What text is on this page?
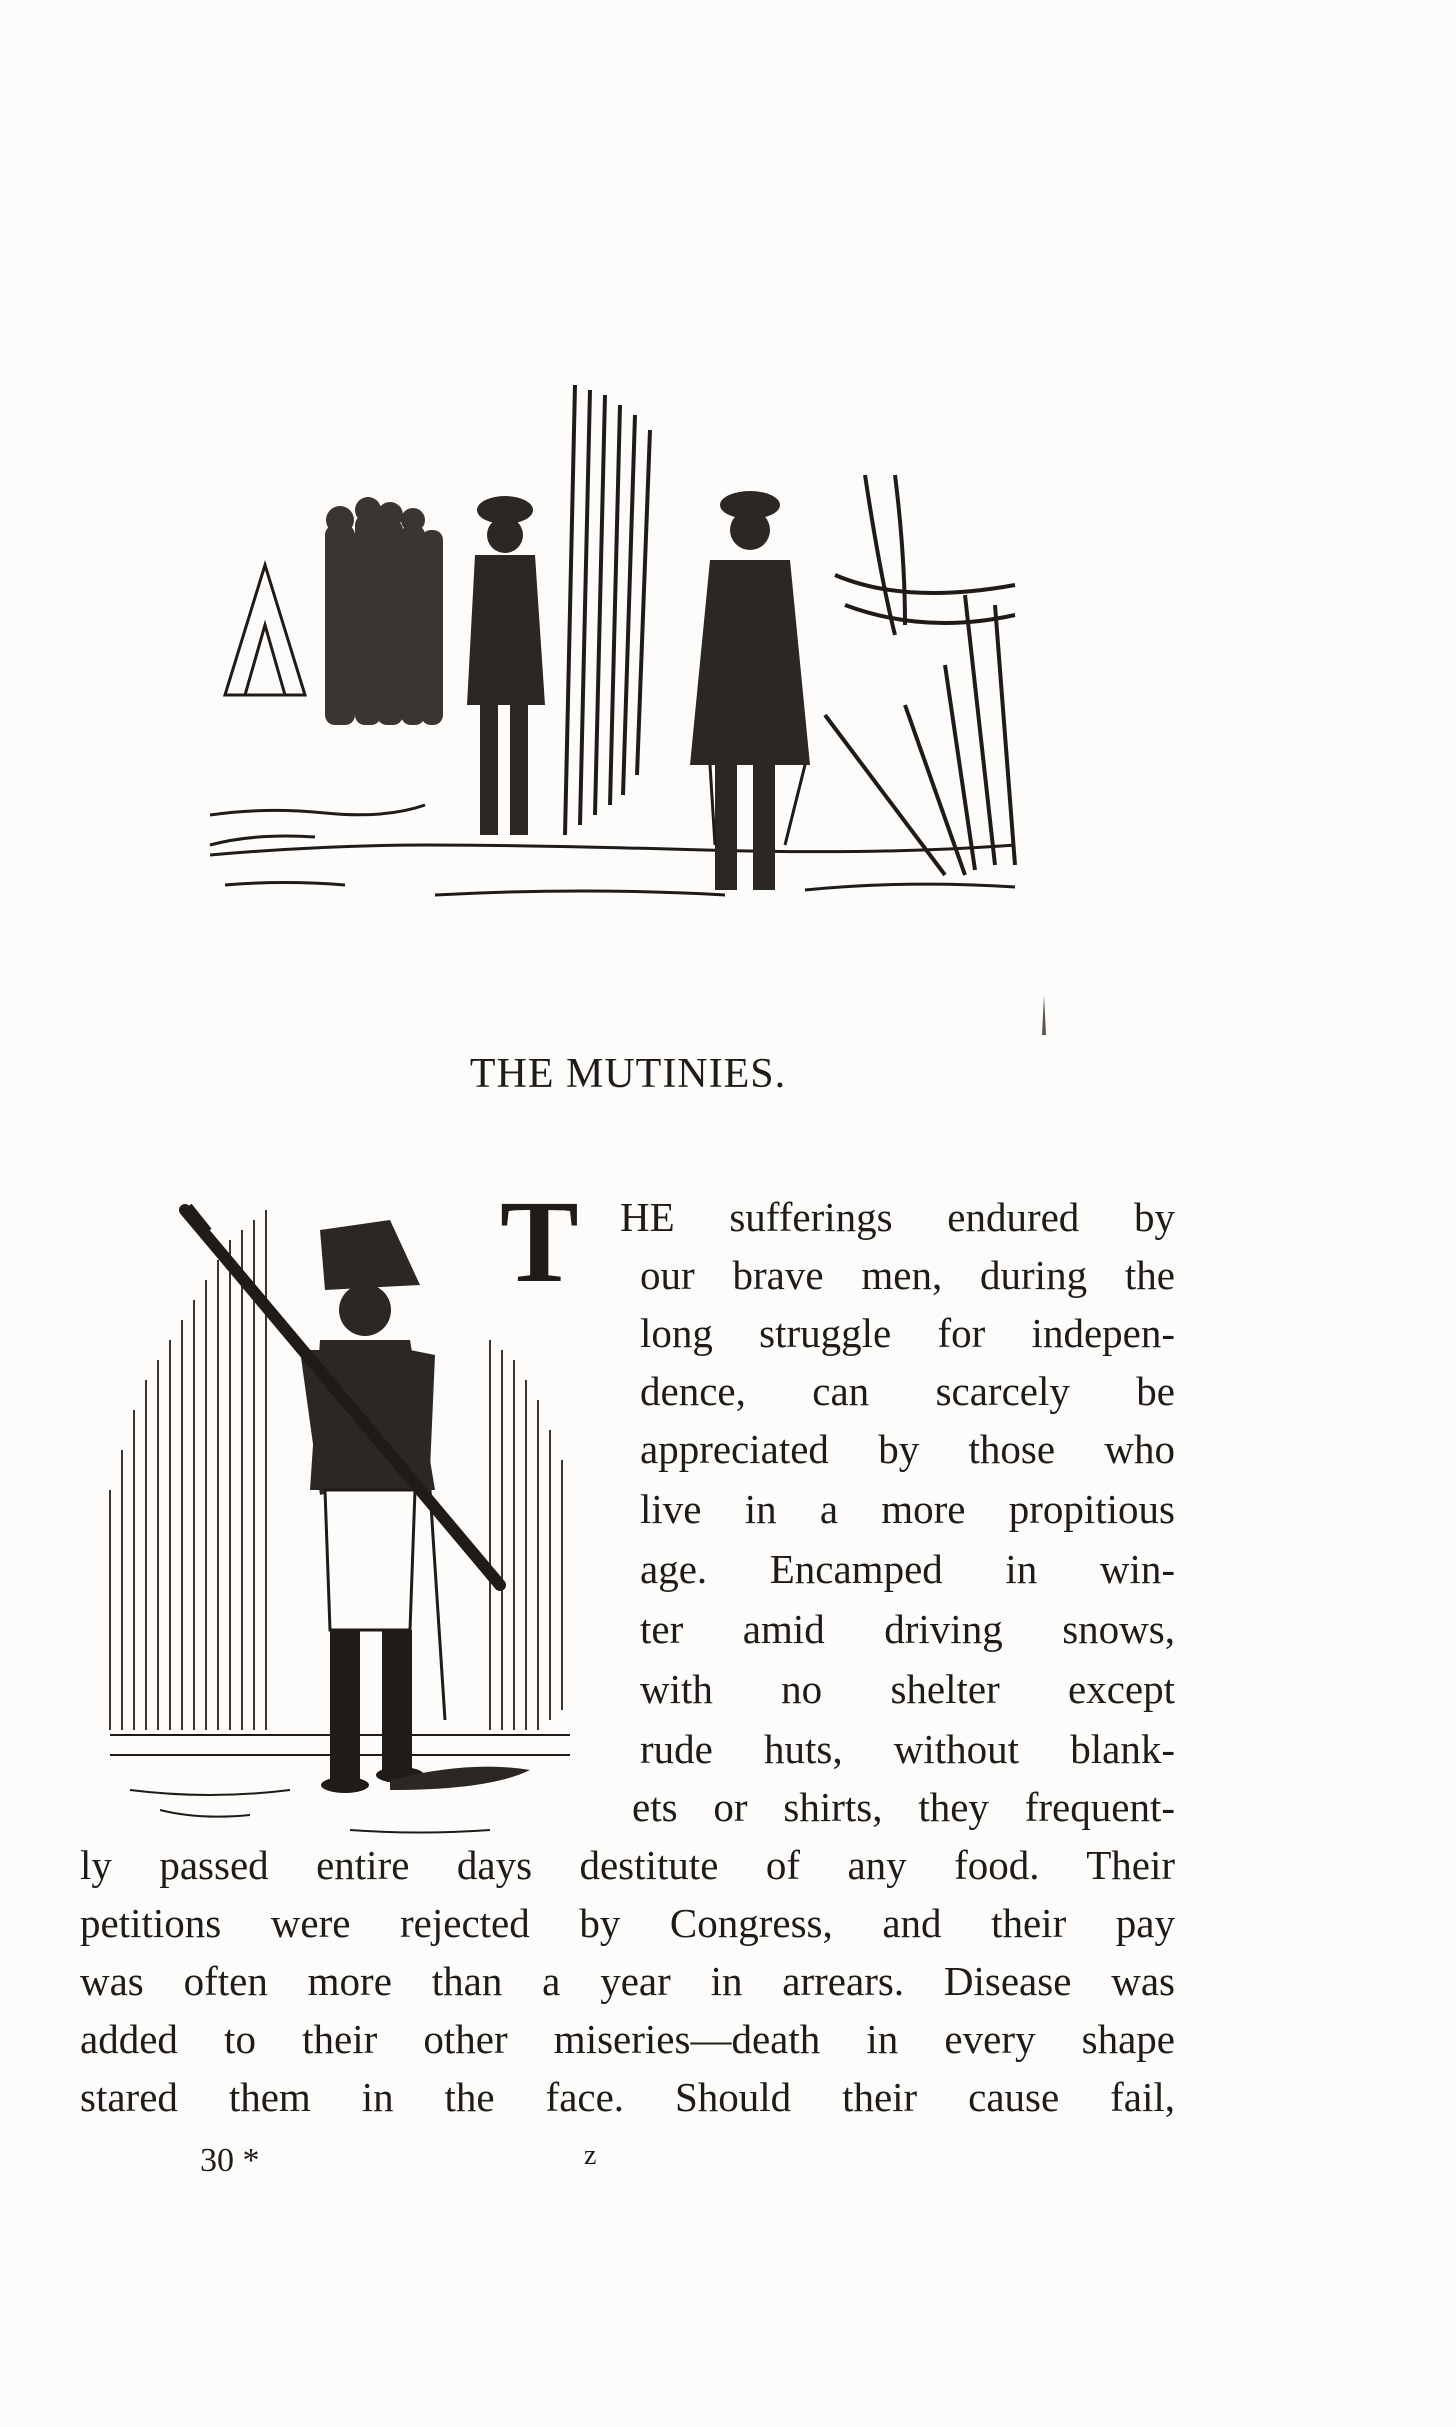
THE MUTINIES.
T HE sufferings endured by
our brave men, during the
long struggle for indepen-
dence, can scarcely be
appreciated by those who
live in a more propitious
age. Encamped in win-
ter amid driving snows,
with no shelter except
rude huts, without blank-
ets or shirts, they frequent-
ly passed entire days destitute of any food. Their
petitions were rejected by Congress, and their pay
was often more than a year in arrears. Disease was
added to their other miseries—death in every shape
stared them in the face. Should their cause fail,
30 *	z
